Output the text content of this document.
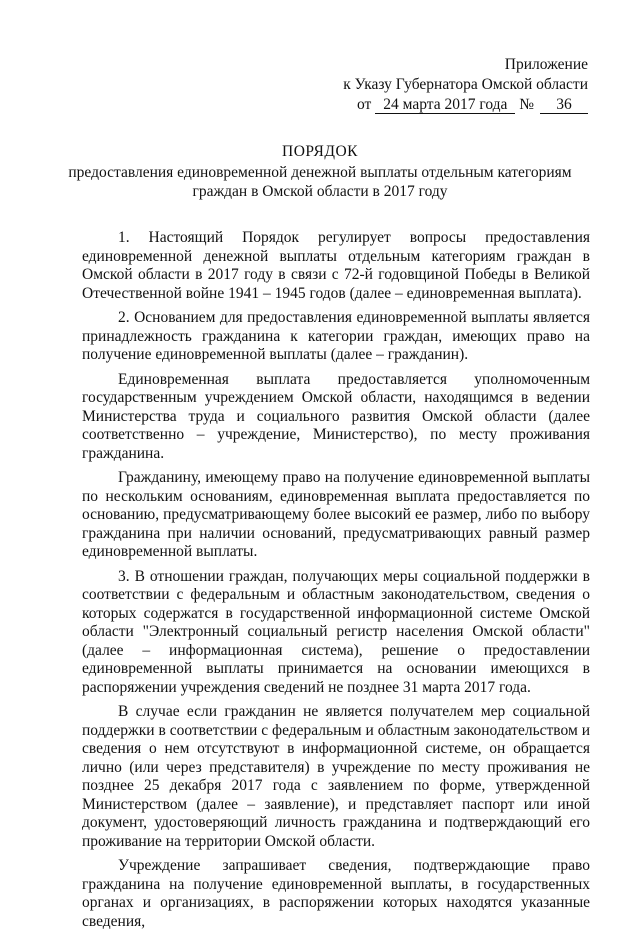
Приложение
к Указу Губернатора Омской области
от 24 марта 2017 года № 36
ПОРЯДОК
предоставления единовременной денежной выплаты отдельным категориям граждан в Омской области в 2017 году

1. Настоящий Порядок регулирует вопросы предоставления единовременной денежной выплаты отдельным категориям граждан в Омской области в 2017 году в связи с 72-й годовщиной Победы в Великой Отечественной войне 1941 – 1945 годов (далее – единовременная выплата).

2. Основанием для предоставления единовременной выплаты является принадлежность гражданина к категории граждан, имеющих право на получение единовременной выплаты (далее – гражданин).

Единовременная выплата предоставляется уполномоченным государственным учреждением Омской области, находящимся в ведении Министерства труда и социального развития Омской области (далее соответственно – учреждение, Министерство), по месту проживания гражданина.

Гражданину, имеющему право на получение единовременной выплаты по нескольким основаниям, единовременная выплата предоставляется по основанию, предусматривающему более высокий ее размер, либо по выбору гражданина при наличии оснований, предусматривающих равный размер единовременной выплаты.

3. В отношении граждан, получающих меры социальной поддержки в соответствии с федеральным и областным законодательством, сведения о которых содержатся в государственной информационной системе Омской области "Электронный социальный регистр населения Омской области" (далее – информационная система), решение о предоставлении единовременной выплаты принимается на основании имеющихся в распоряжении учреждения сведений не позднее 31 марта 2017 года.

В случае если гражданин не является получателем мер социальной поддержки в соответствии с федеральным и областным законодательством и сведения о нем отсутствуют в информационной системе, он обращается лично (или через представителя) в учреждение по месту проживания не позднее 25 декабря 2017 года с заявлением по форме, утвержденной Министерством (далее – заявление), и представляет паспорт или иной документ, удостоверяющий личность гражданина и подтверждающий его проживание на территории Омской области.

Учреждение запрашивает сведения, подтверждающие право гражданина на получение единовременной выплаты, в государственных органах и организациях, в распоряжении которых находятся указанные сведения,
